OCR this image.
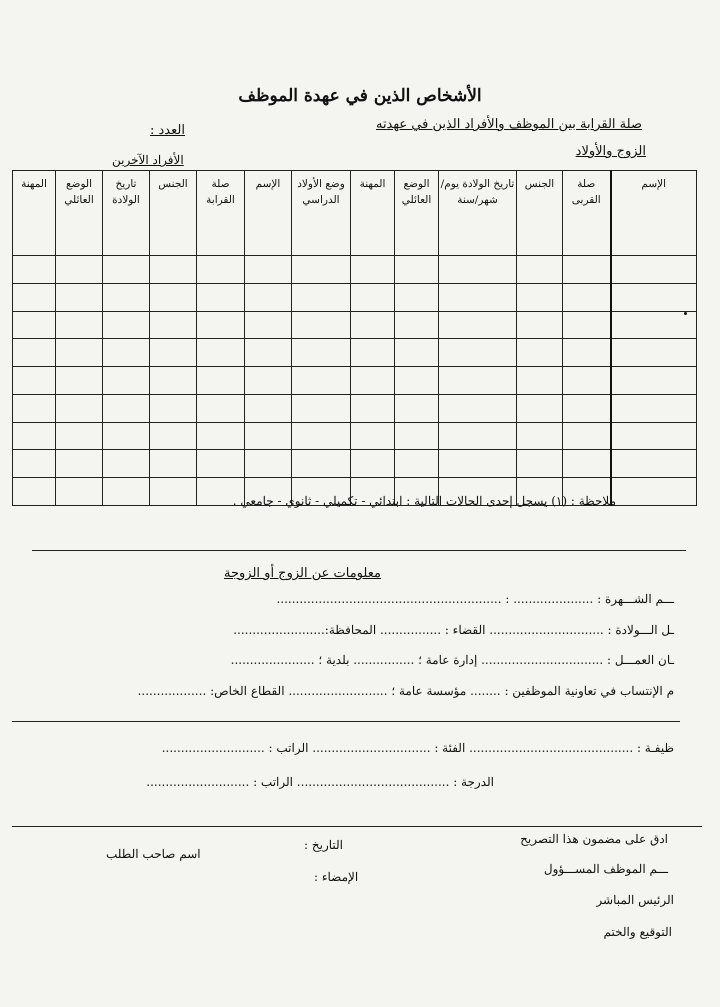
الأشخاص الذين في عهدة الموظف
صلة القرابة بين الموظف والأفراد الذين في عهدته
العدد :
الزوج والأولاد
الأفراد الآخرين
الإسم	صلة القربى	الجنس	تاريخ الولادة يوم/شهر/سنة	الوضع العائلي	المهنة	وضع الأولاد الدراسي	الإسم	صلة القرابة	الجنس	تاريخ الولادة	الوضع العائلي	المهنة

ملاحظة : (١) يسجل إحدى الحالات التالية : ابتدائي - تكميلي - ثانوي - جامعي .
معلومات عن الزوج أو الزوجة
ـــم الشـــهرة : ..................... : ...........................................................
ـل الـــولادة : .............................. القضاء : ................ المحافظة:........................
ـان العمـــل : ................................ إدارة عامة ؛ ................ بلدية ؛ ......................
م الإنتساب في تعاونية الموظفين : ........ مؤسسة عامة ؛ .......................... القطاع الخاص: ..................
ظيفـة : ........................................... الفئة : ............................... الراتب : ...........................
الدرجة : ........................................ الراتب : ...........................
ادق على مضمون هذا التصريح
التاريخ :
اسم صاحب الطلب
ـــم الموظف المســـؤول
الإمضاء :
الرئيس المباشر
التوقيع والختم
